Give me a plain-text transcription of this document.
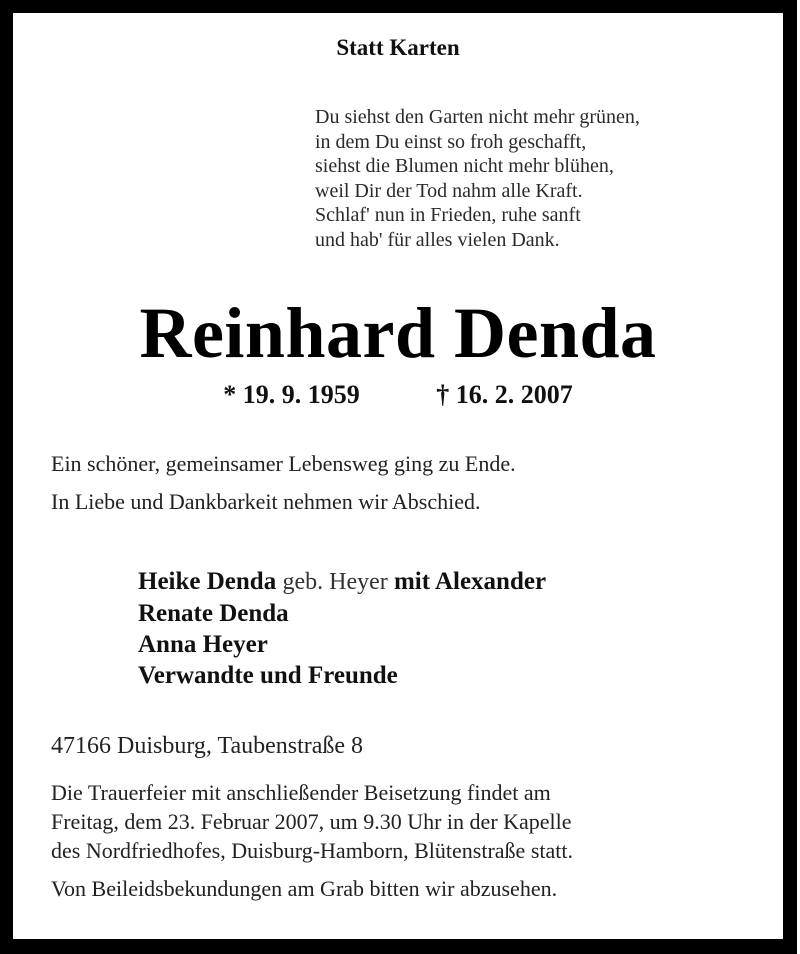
Statt Karten
Du siehst den Garten nicht mehr grünen,
in dem Du einst so froh geschafft,
siehst die Blumen nicht mehr blühen,
weil Dir der Tod nahm alle Kraft.
Schlaf' nun in Frieden, ruhe sanft
und hab' für alles vielen Dank.
Reinhard Denda
* 19. 9. 1959	† 16. 2. 2007
Ein schöner, gemeinsamer Lebensweg ging zu Ende.
In Liebe und Dankbarkeit nehmen wir Abschied.
Heike Denda geb. Heyer mit Alexander
Renate Denda
Anna Heyer
Verwandte und Freunde
47166 Duisburg, Taubenstraße 8
Die Trauerfeier mit anschließender Beisetzung findet am
Freitag, dem 23. Februar 2007, um 9.30 Uhr in der Kapelle
des Nordfriedhofes, Duisburg-Hamborn, Blütenstraße statt.
Von Beileidsbekundungen am Grab bitten wir abzusehen.
